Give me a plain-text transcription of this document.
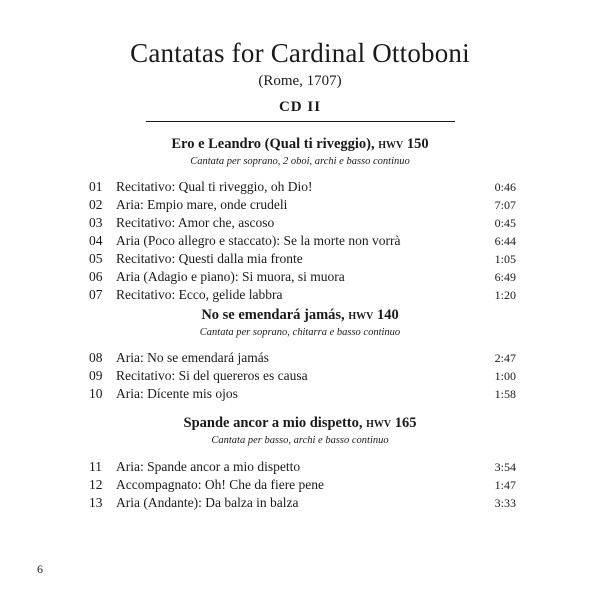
Cantatas for Cardinal Ottoboni
(Rome, 1707)
CD II
Ero e Leandro (Qual ti riveggio), hwv 150
Cantata per soprano, 2 oboi, archi e basso continuo
01 Recitativo: Qual ti riveggio, oh Dio!	0:46
02 Aria: Empio mare, onde crudeli	7:07
03 Recitativo: Amor che, ascoso	0:45
04 Aria (Poco allegro e staccato): Se la morte non vorrà	6:44
05 Recitativo: Questi dalla mia fronte	1:05
06 Aria (Adagio e piano): Si muora, si muora	6:49
07 Recitativo: Ecco, gelide labbra	1:20
No se emendará jamás, hwv 140
Cantata per soprano, chitarra e basso continuo
08 Aria: No se emendará jamás	2:47
09 Recitativo: Si del quereros es causa	1:00
10 Aria: Dícente mis ojos	1:58
Spande ancor a mio dispetto, hwv 165
Cantata per basso, archi e basso continuo
11 Aria: Spande ancor a mio dispetto	3:54
12 Accompagnato: Oh! Che da fiere pene	1:47
13 Aria (Andante): Da balza in balza	3:33
6
